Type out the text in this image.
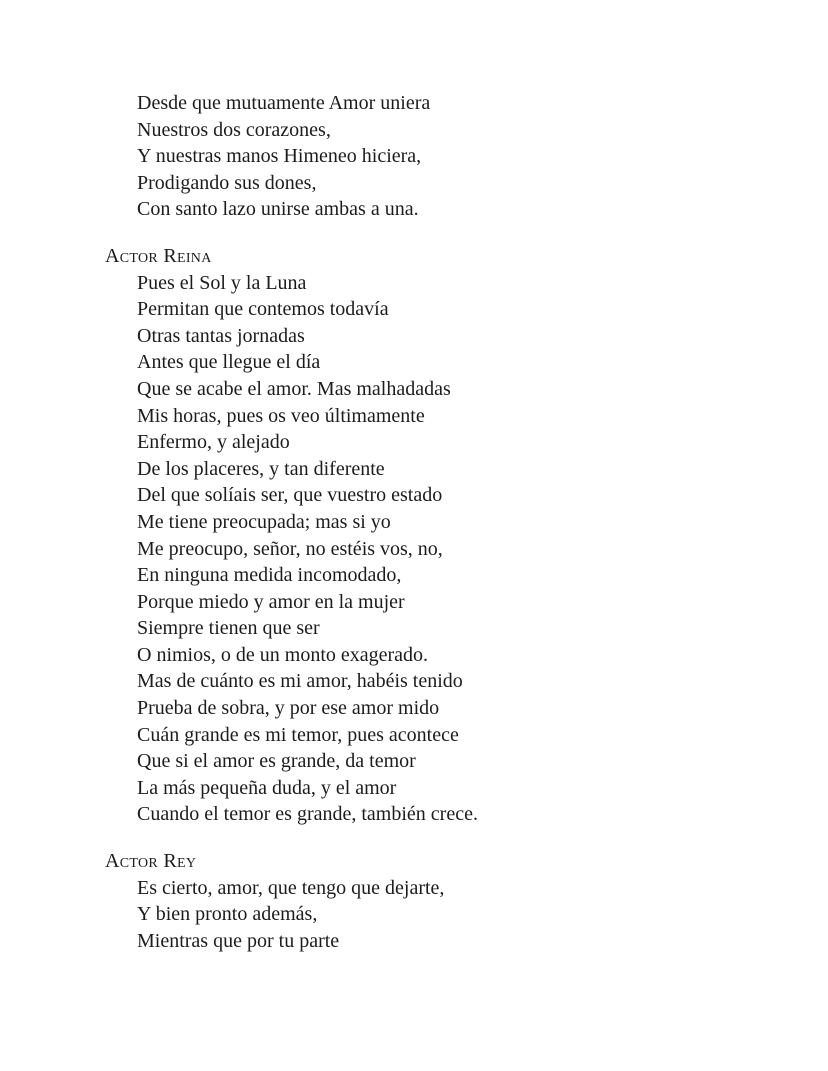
Desde que mutuamente Amor uniera
Nuestros dos corazones,
Y nuestras manos Himeneo hiciera,
Prodigando sus dones,
Con santo lazo unirse ambas a una.
Actor Reina
Pues el Sol y la Luna
Permitan que contemos todavía
Otras tantas jornadas
Antes que llegue el día
Que se acabe el amor. Mas malhadadas
Mis horas, pues os veo últimamente
Enfermo, y alejado
De los placeres, y tan diferente
Del que solíais ser, que vuestro estado
Me tiene preocupada; mas si yo
Me preocupo, señor, no estéis vos, no,
En ninguna medida incomodado,
Porque miedo y amor en la mujer
Siempre tienen que ser
O nimios, o de un monto exagerado.
Mas de cuánto es mi amor, habéis tenido
Prueba de sobra, y por ese amor mido
Cuán grande es mi temor, pues acontece
Que si el amor es grande, da temor
La más pequeña duda, y el amor
Cuando el temor es grande, también crece.
Actor Rey
Es cierto, amor, que tengo que dejarte,
Y bien pronto además,
Mientras que por tu parte
